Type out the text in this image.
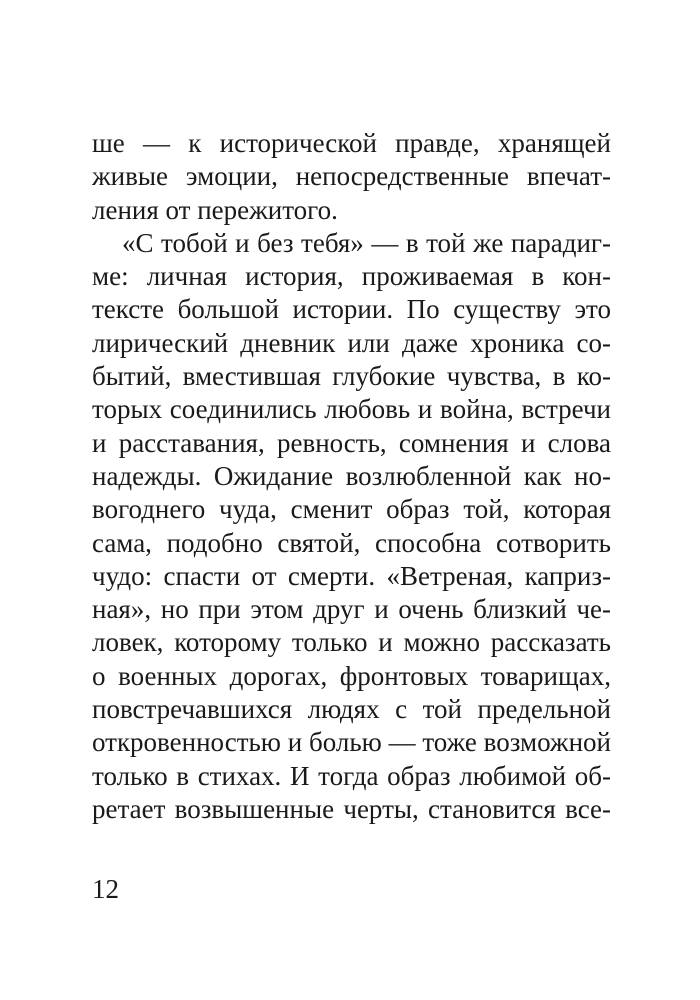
ше — к исторической правде, хранящей
живые эмоции, непосредственные впечат-
ления от пережитого.
«С тобой и без тебя» — в той же парадиг-
ме: личная история, проживаемая в кон-
тексте большой истории. По существу это
лирический дневник или даже хроника со-
бытий, вместившая глубокие чувства, в ко-
торых соединились любовь и война, встречи
и расставания, ревность, сомнения и слова
надежды. Ожидание возлюбленной как но-
вогоднего чуда, сменит образ той, которая
сама, подобно святой, способна сотворить
чудо: спасти от смерти. «Ветреная, каприз-
ная», но при этом друг и очень близкий че-
ловек, которому только и можно рассказать
о военных дорогах, фронтовых товарищах,
повстречавшихся людях с той предельной
откровенностью и болью — тоже возможной
только в стихах. И тогда образ любимой об-
ретает возвышенные черты, становится все-
12
